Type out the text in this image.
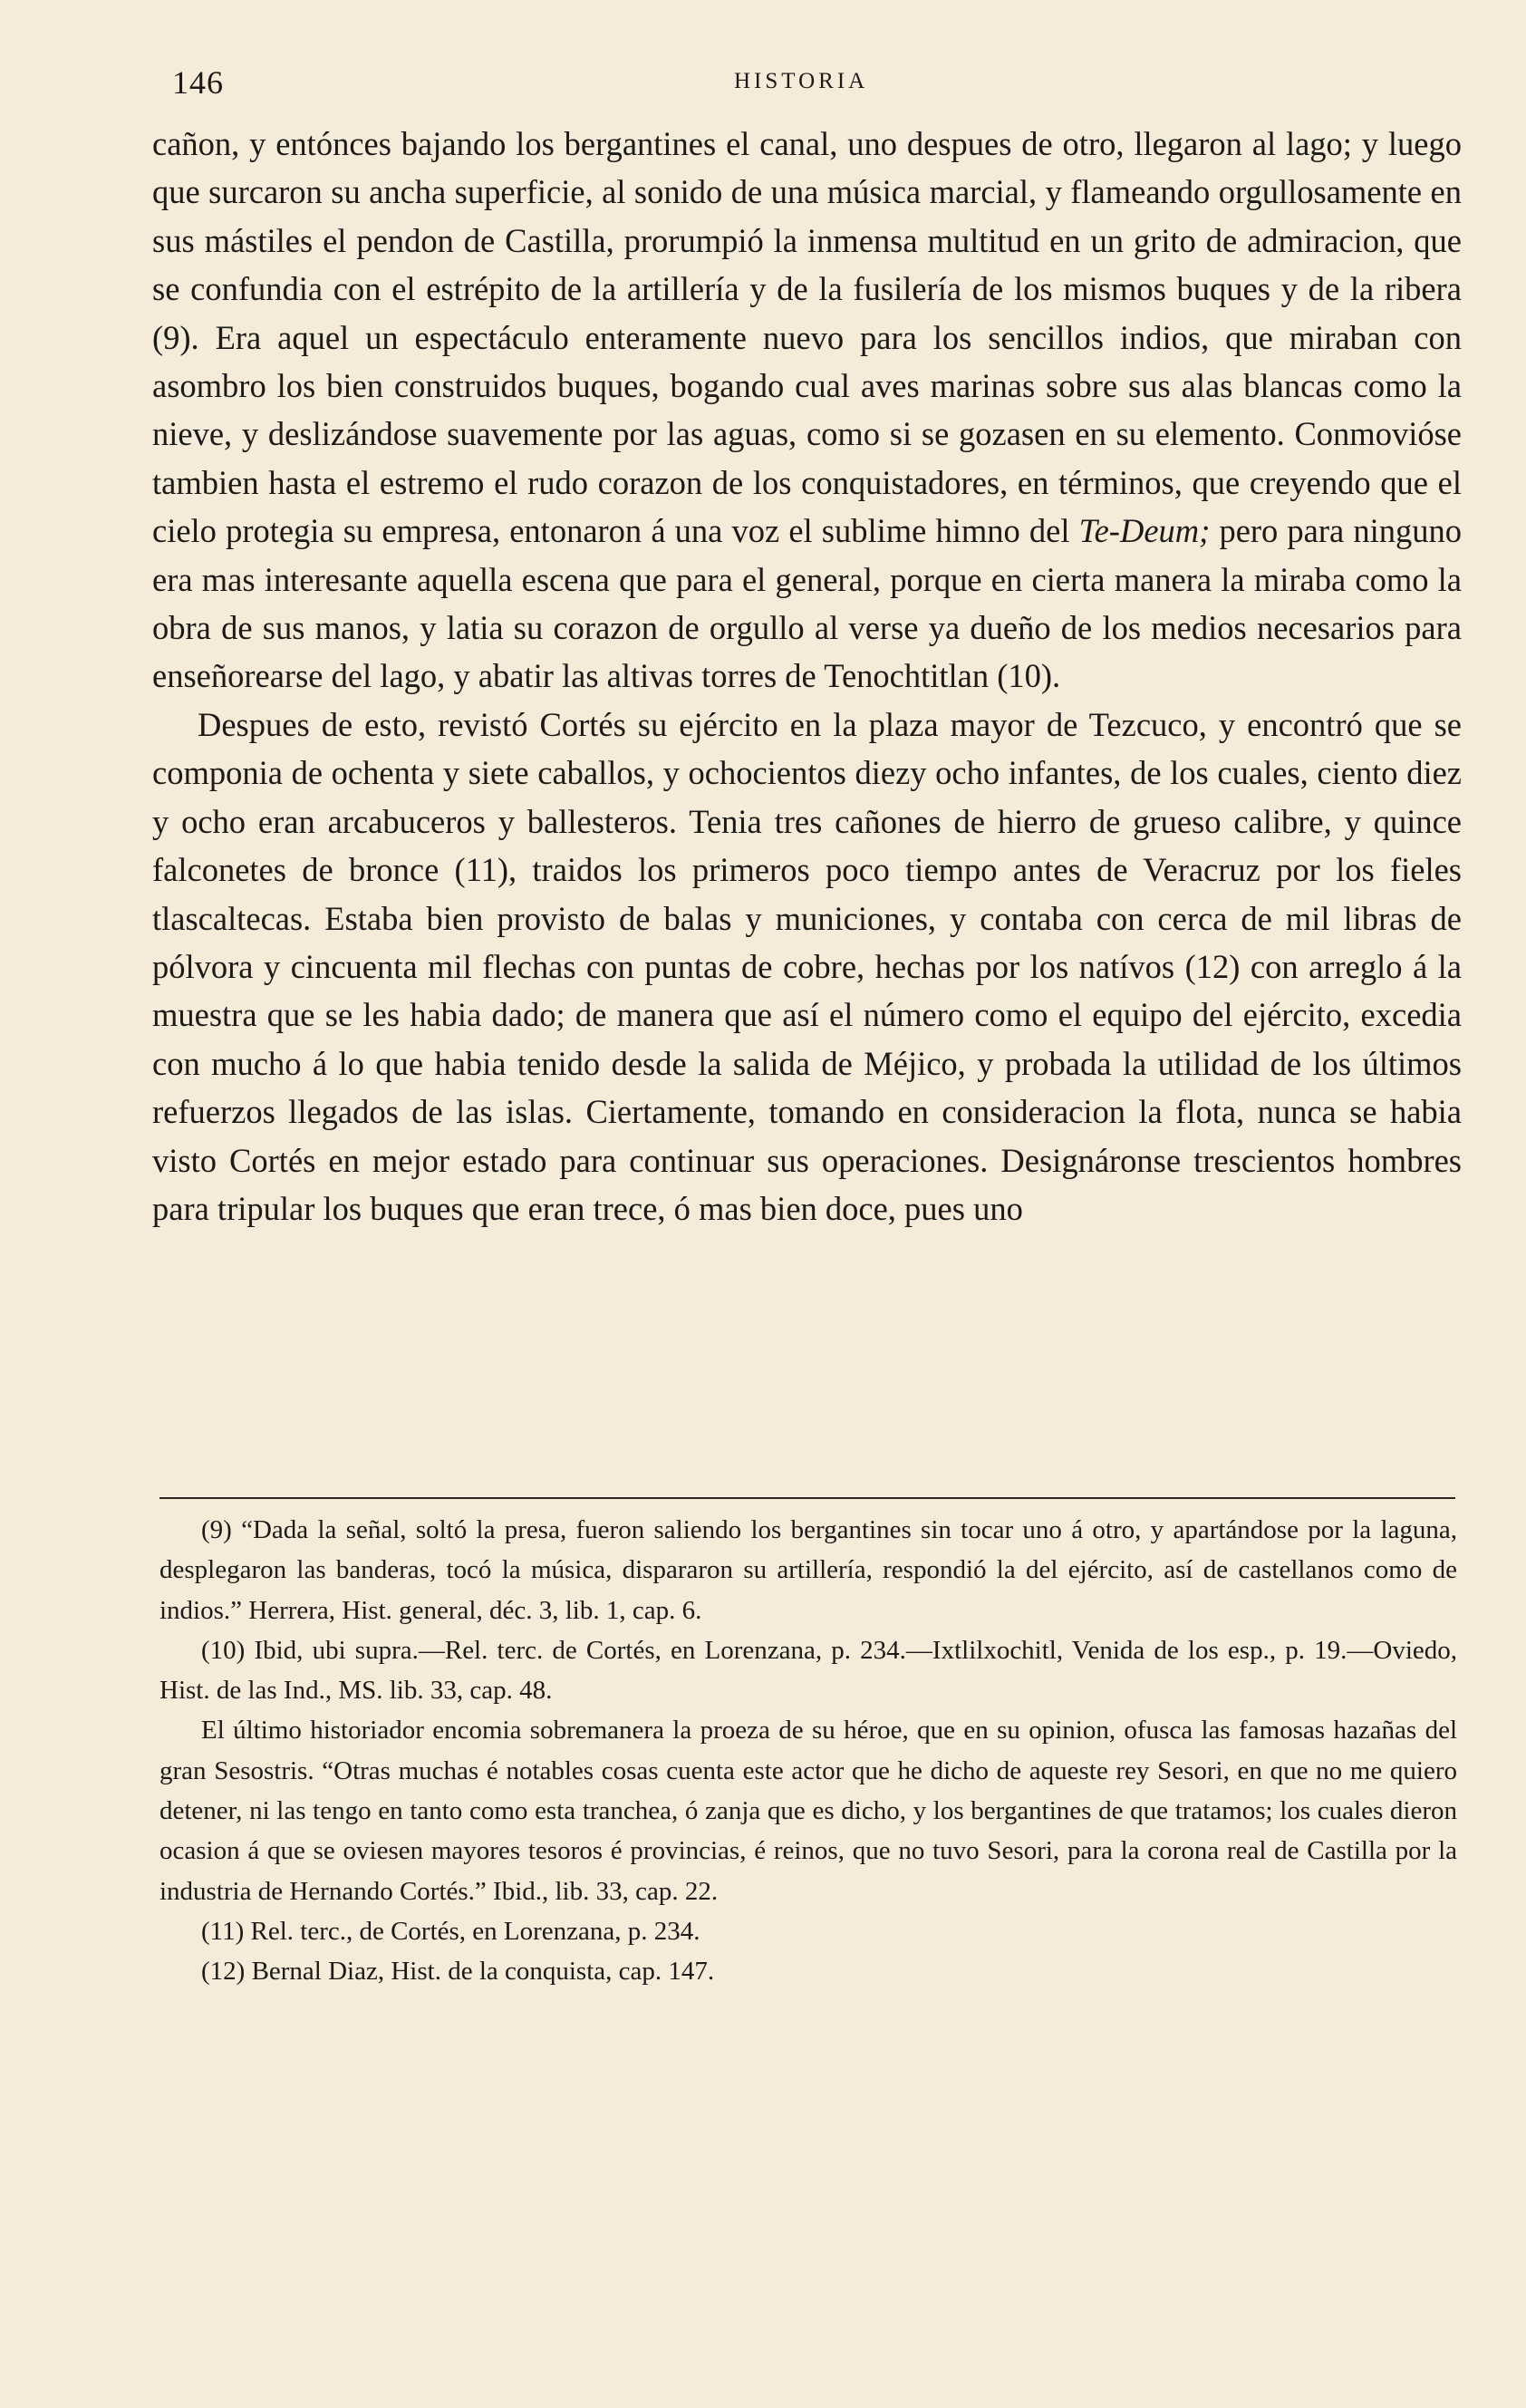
146	HISTORIA

cañon, y entónces bajando los bergantines el canal, uno despues de otro, llegaron al lago; y luego que surcaron su ancha superficie, al sonido de una música marcial, y flameando orgullosamente en sus mástiles el pendon de Castilla, prorumpió la inmensa multitud en un grito de admiracion, que se confundia con el estrépito de la artillería y de la fusilería de los mismos buques y de la ribera (9). Era aquel un espectáculo enteramente nuevo para los sencillos indios, que miraban con asombro los bien construidos buques, bogando cual aves marinas sobre sus alas blancas como la nieve, y deslizándose suavemente por las aguas, como si se gozasen en su elemento. Conmovióse tambien hasta el estremo el rudo corazon de los conquistadores, en términos, que creyendo que el cielo protegia su empresa, entonaron á una voz el sublime himno del Te-Deum; pero para ninguno era mas interesante aquella escena que para el general, porque en cierta manera la miraba como la obra de sus manos, y latia su corazon de orgullo al verse ya dueño de los medios necesarios para enseñorearse del lago, y abatir las altivas torres de Tenochtitlan (10).

Despues de esto, revistó Cortés su ejército en la plaza mayor de Tezcuco, y encontró que se componia de ochenta y siete caballos, y ochocientos diezy ocho infantes, de los cuales, ciento diez y ocho eran arcabuceros y ballesteros. Tenia tres cañones de hierro de grueso calibre, y quince falconetes de bronce (11), traidos los primeros poco tiempo antes de Veracruz por los fieles tlascaltecas. Estaba bien provisto de balas y municiones, y contaba con cerca de mil libras de pólvora y cincuenta mil flechas con puntas de cobre, hechas por los natívos (12) con arreglo á la muestra que se les habia dado; de manera que así el número como el equipo del ejército, excedia con mucho á lo que habia tenido desde la salida de Méjico, y probada la utilidad de los últimos refuerzos llegados de las islas. Ciertamente, tomando en consideracion la flota, nunca se habia visto Cortés en mejor estado para continuar sus operaciones. Designáronse trescientos hombres para tripular los buques que eran trece, ó mas bien doce, pues uno

(9) “Dada la señal, soltó la presa, fueron saliendo los bergantines sin tocar uno á otro, y apartándose por la laguna, desplegaron las banderas, tocó la música, dispararon su artillería, respondió la del ejército, así de castellanos como de indios.” Herrera, Hist. general, déc. 3, lib. 1, cap. 6.

(10) Ibid, ubi supra.—Rel. terc. de Cortés, en Lorenzana, p. 234.—Ixtlilxochitl, Venida de los esp., p. 19.—Oviedo, Hist. de las Ind., MS. lib. 33, cap. 48.

El último historiador encomia sobremanera la proeza de su héroe, que en su opinion, ofusca las famosas hazañas del gran Sesostris. “Otras muchas é notables cosas cuenta este actor que he dicho de aqueste rey Sesori, en que no me quiero detener, ni las tengo en tanto como esta tranchea, ó zanja que es dicho, y los bergantines de que tratamos; los cuales dieron ocasion á que se oviesen mayores tesoros é provincias, é reinos, que no tuvo Sesori, para la corona real de Castilla por la industria de Hernando Cortés.” Ibid., lib. 33, cap. 22.

(11) Rel. terc., de Cortés, en Lorenzana, p. 234.

(12) Bernal Diaz, Hist. de la conquista, cap. 147.
